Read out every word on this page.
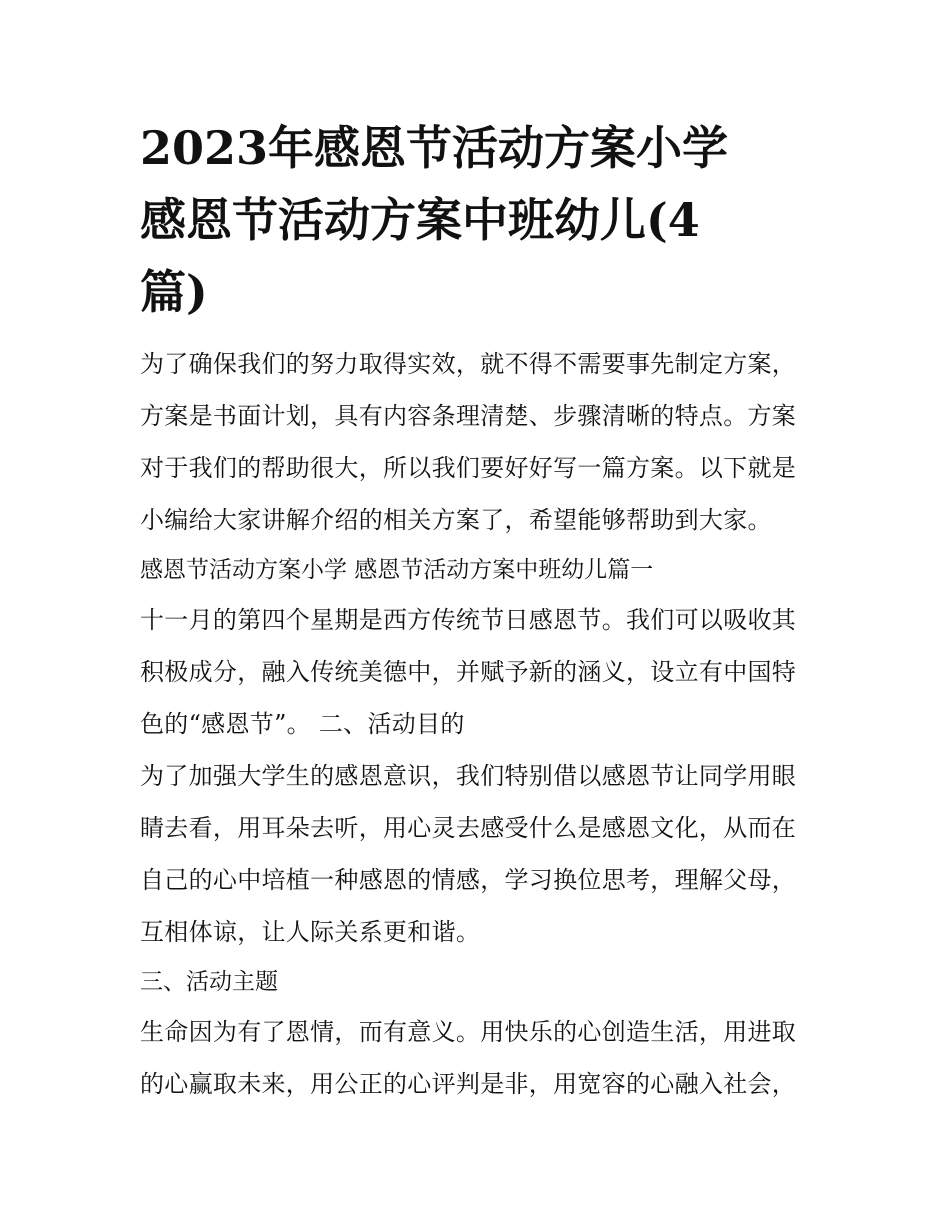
2023年感恩节活动方案小学
感恩节活动方案中班幼儿(4
篇)

为了确保我们的努力取得实效，就不得不需要事先制定方案，
方案是书面计划，具有内容条理清楚、步骤清晰的特点。方案
对于我们的帮助很大，所以我们要好好写一篇方案。以下就是
小编给大家讲解介绍的相关方案了，希望能够帮助到大家。

感恩节活动方案小学 感恩节活动方案中班幼儿篇一

十一月的第四个星期是西方传统节日感恩节。我们可以吸收其
积极成分，融入传统美德中，并赋予新的涵义，设立有中国特
色的“感恩节”。 二、活动目的

为了加强大学生的感恩意识，我们特别借以感恩节让同学用眼
睛去看，用耳朵去听，用心灵去感受什么是感恩文化，从而在
自己的心中培植一种感恩的情感，学习换位思考，理解父母，
互相体谅，让人际关系更和谐。

三、活动主题

生命因为有了恩情，而有意义。用快乐的心创造生活，用进取
的心赢取未来，用公正的心评判是非，用宽容的心融入社会，
